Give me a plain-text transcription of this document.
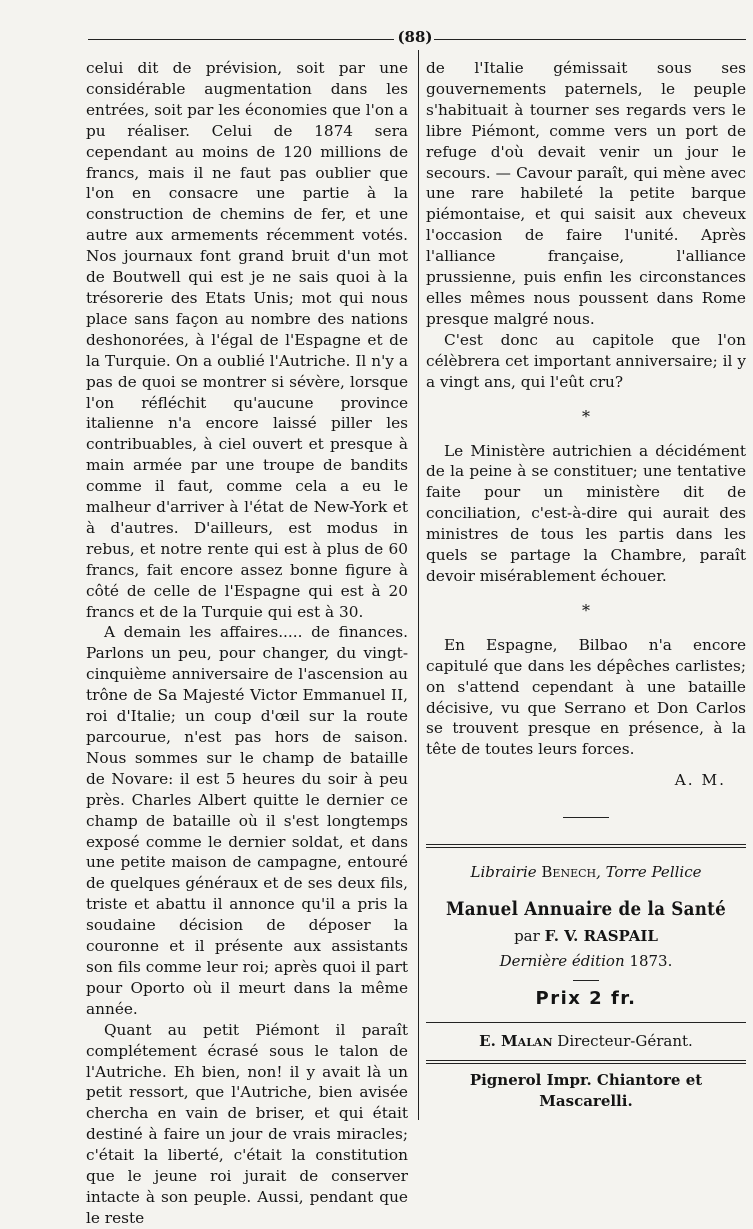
(88)

celui dit de prévision, soit par une considérable augmentation dans les entrées, soit par les économies que l'on a pu réaliser. Celui de 1874 sera cependant au moins de 120 millions de francs, mais il ne faut pas oublier que l'on en consacre une partie à la construction de chemins de fer, et une autre aux armements récemment votés. Nos journaux font grand bruit d'un mot de Boutwell qui est je ne sais quoi à la trésorerie des Etats Unis; mot qui nous place sans façon au nombre des nations deshonorées, à l'égal de l'Espagne et de la Turquie. On a oublié l'Autriche. Il n'y a pas de quoi se montrer si sévère, lorsque l'on réfléchit qu'aucune province italienne n'a encore laissé piller les contribuables, à ciel ouvert et presque à main armée par une troupe de bandits comme il faut, comme cela a eu le malheur d'arriver à l'état de New-York et à d'autres. D'ailleurs, est modus in rebus, et notre rente qui est à plus de 60 francs, fait encore assez bonne figure à côté de celle de l'Espagne qui est à 20 francs et de la Turquie qui est à 30.

A demain les affaires..... de finances. Parlons un peu, pour changer, du vingt-cinquième anniversaire de l'ascension au trône de Sa Majesté Victor Emmanuel II, roi d'Italie; un coup d'œil sur la route parcourue, n'est pas hors de saison. Nous sommes sur le champ de bataille de Novare: il est 5 heures du soir à peu près. Charles Albert quitte le dernier ce champ de bataille où il s'est longtemps exposé comme le dernier soldat, et dans une petite maison de campagne, entouré de quelques généraux et de ses deux fils, triste et abattu il annonce qu'il a pris la soudaine décision de déposer la couronne et il présente aux assistants son fils comme leur roi; après quoi il part pour Oporto où il meurt dans la même année.

Quant au petit Piémont il paraît complétement écrasé sous le talon de l'Autriche. Eh bien, non! il y avait là un petit ressort, que l'Autriche, bien avisée chercha en vain de briser, et qui était destiné à faire un jour de vrais miracles; c'était la liberté, c'était la constitution que le jeune roi jurait de conserver intacte à son peuple. Aussi, pendant que le reste

de l'Italie gémissait sous ses gouvernements paternels, le peuple s'habituait à tourner ses regards vers le libre Piémont, comme vers un port de refuge d'où devait venir un jour le secours. — Cavour paraît, qui mène avec une rare habileté la petite barque piémontaise, et qui saisit aux cheveux l'occasion de faire l'unité. Après l'alliance française, l'alliance prussienne, puis enfin les circonstances elles mêmes nous poussent dans Rome presque malgré nous.

C'est donc au capitole que l'on célèbrera cet important anniversaire; il y a vingt ans, qui l'eût cru?

*

Le Ministère autrichien a décidément de la peine à se constituer; une tentative faite pour un ministère dit de conciliation, c'est-à-dire qui aurait des ministres de tous les partis dans les quels se partage la Chambre, paraît devoir misérablement échouer.

*

En Espagne, Bilbao n'a encore capitulé que dans les dépêches carlistes; on s'attend cependant à une bataille décisive, vu que Serrano et Don Carlos se trouvent presque en présence, à la tête de toutes leurs forces.

A. M.
Librairie Benech, Torre Pellice
Manuel Annuaire de la Santé
par F. V. RASPAIL
Dernière édition 1873.
Prix 2 fr.
E. Malan Directeur-Gérant.
Pignerol Impr. Chiantore et Mascarelli.
